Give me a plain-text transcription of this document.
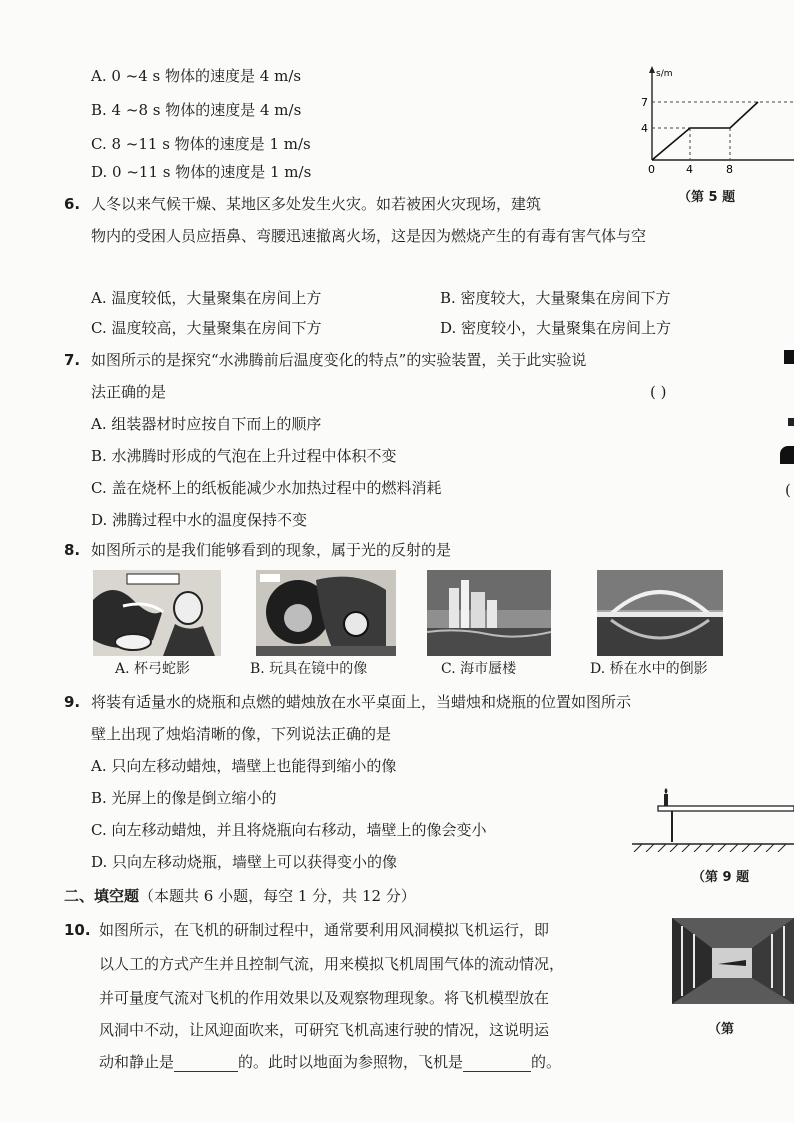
A. 0 ~4 s 物体的速度是 4 m/s
B. 4 ~8 s 物体的速度是 4 m/s
C. 8 ~11 s 物体的速度是 1 m/s
D. 0 ~11 s 物体的速度是 1 m/s
s/m
7
4
0	4	8
（第 5 题
6. 人冬以来气候干燥、某地区多处发生火灾。如若被困火灾现场，建筑
物内的受困人员应捂鼻、弯腰迅速撤离火场，这是因为燃烧产生的有毒有害气体与空
A. 温度较低，大量聚集在房间上方	B. 密度较大，大量聚集在房间下方
C. 温度较高，大量聚集在房间下方	D. 密度较小，大量聚集在房间上方
7. 如图所示的是探究“水沸腾前后温度变化的特点”的实验装置，关于此实验说
法正确的是	( )
A. 组装器材时应按自下而上的顺序
B. 水沸腾时形成的气泡在上升过程中体积不变
C. 盖在烧杯上的纸板能减少水加热过程中的燃料消耗
D. 沸腾过程中水的温度保持不变
(
8. 如图所示的是我们能够看到的现象，属于光的反射的是
A. 杯弓蛇影	B. 玩具在镜中的像	C. 海市蜃楼	D. 桥在水中的倒影
9. 将装有适量水的烧瓶和点燃的蜡烛放在水平桌面上，当蜡烛和烧瓶的位置如图所示
壁上出现了烛焰清晰的像，下列说法正确的是
A. 只向左移动蜡烛，墙壁上也能得到缩小的像
B. 光屏上的像是倒立缩小的
C. 向左移动蜡烛，并且将烧瓶向右移动，墙壁上的像会变小
D. 只向左移动烧瓶，墙壁上可以获得变小的像
（第 9 题
二、填空题（本题共 6 小题，每空 1 分，共 12 分）
10. 如图所示，在飞机的研制过程中，通常要利用风洞模拟飞机运行，即
以人工的方式产生并且控制气流，用来模拟飞机周围气体的流动情况，
并可量度气流对飞机的作用效果以及观察物理现象。将飞机模型放在
风洞中不动，让风迎面吹来，可研究飞机高速行驶的情况，这说明运
动和静止是	的。此时以地面为参照物，飞机是	的。
（第
